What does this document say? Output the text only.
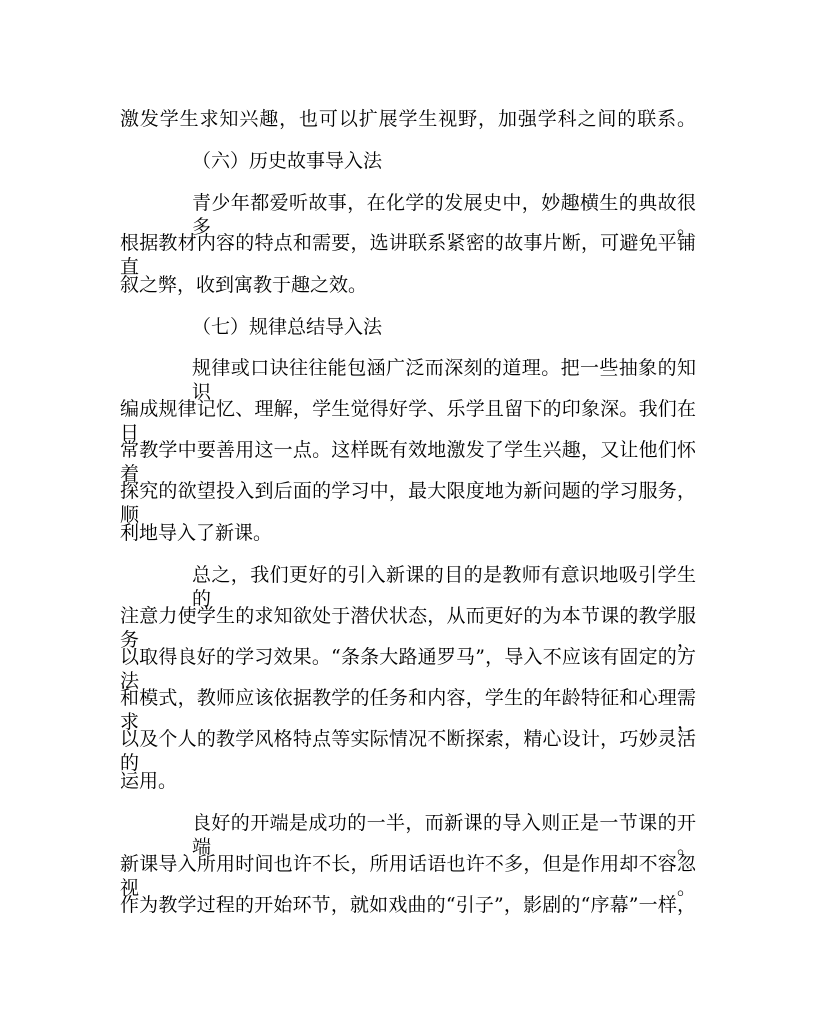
激发学生求知兴趣，也可以扩展学生视野，加强学科之间的联系。
（六）历史故事导入法
青少年都爱听故事，在化学的发展史中，妙趣横生的典故很多。
根据教材内容的特点和需要，选讲联系紧密的故事片断，可避免平铺直
叙之弊，收到寓教于趣之效。
（七）规律总结导入法
规律或口诀往往能包涵广泛而深刻的道理。把一些抽象的知识
编成规律记忆、理解，学生觉得好学、乐学且留下的印象深。我们在日
常教学中要善用这一点。这样既有效地激发了学生兴趣，又让他们怀着
探究的欲望投入到后面的学习中，最大限度地为新问题的学习服务，顺
利地导入了新课。
总之，我们更好的引入新课的目的是教师有意识地吸引学生的
注意力使学生的求知欲处于潜伏状态，从而更好的为本节课的教学服务，
以取得良好的学习效果。“条条大路通罗马”，导入不应该有固定的方法
和模式，教师应该依据教学的任务和内容，学生的年龄特征和心理需求，
以及个人的教学风格特点等实际情况不断探索，精心设计，巧妙灵活的
运用。
良好的开端是成功的一半，而新课的导入则正是一节课的开端。
新课导入所用时间也许不长，所用话语也许不多，但是作用却不容忽视。
作为教学过程的开始环节，就如戏曲的“引子”，影剧的“序幕”一样，
